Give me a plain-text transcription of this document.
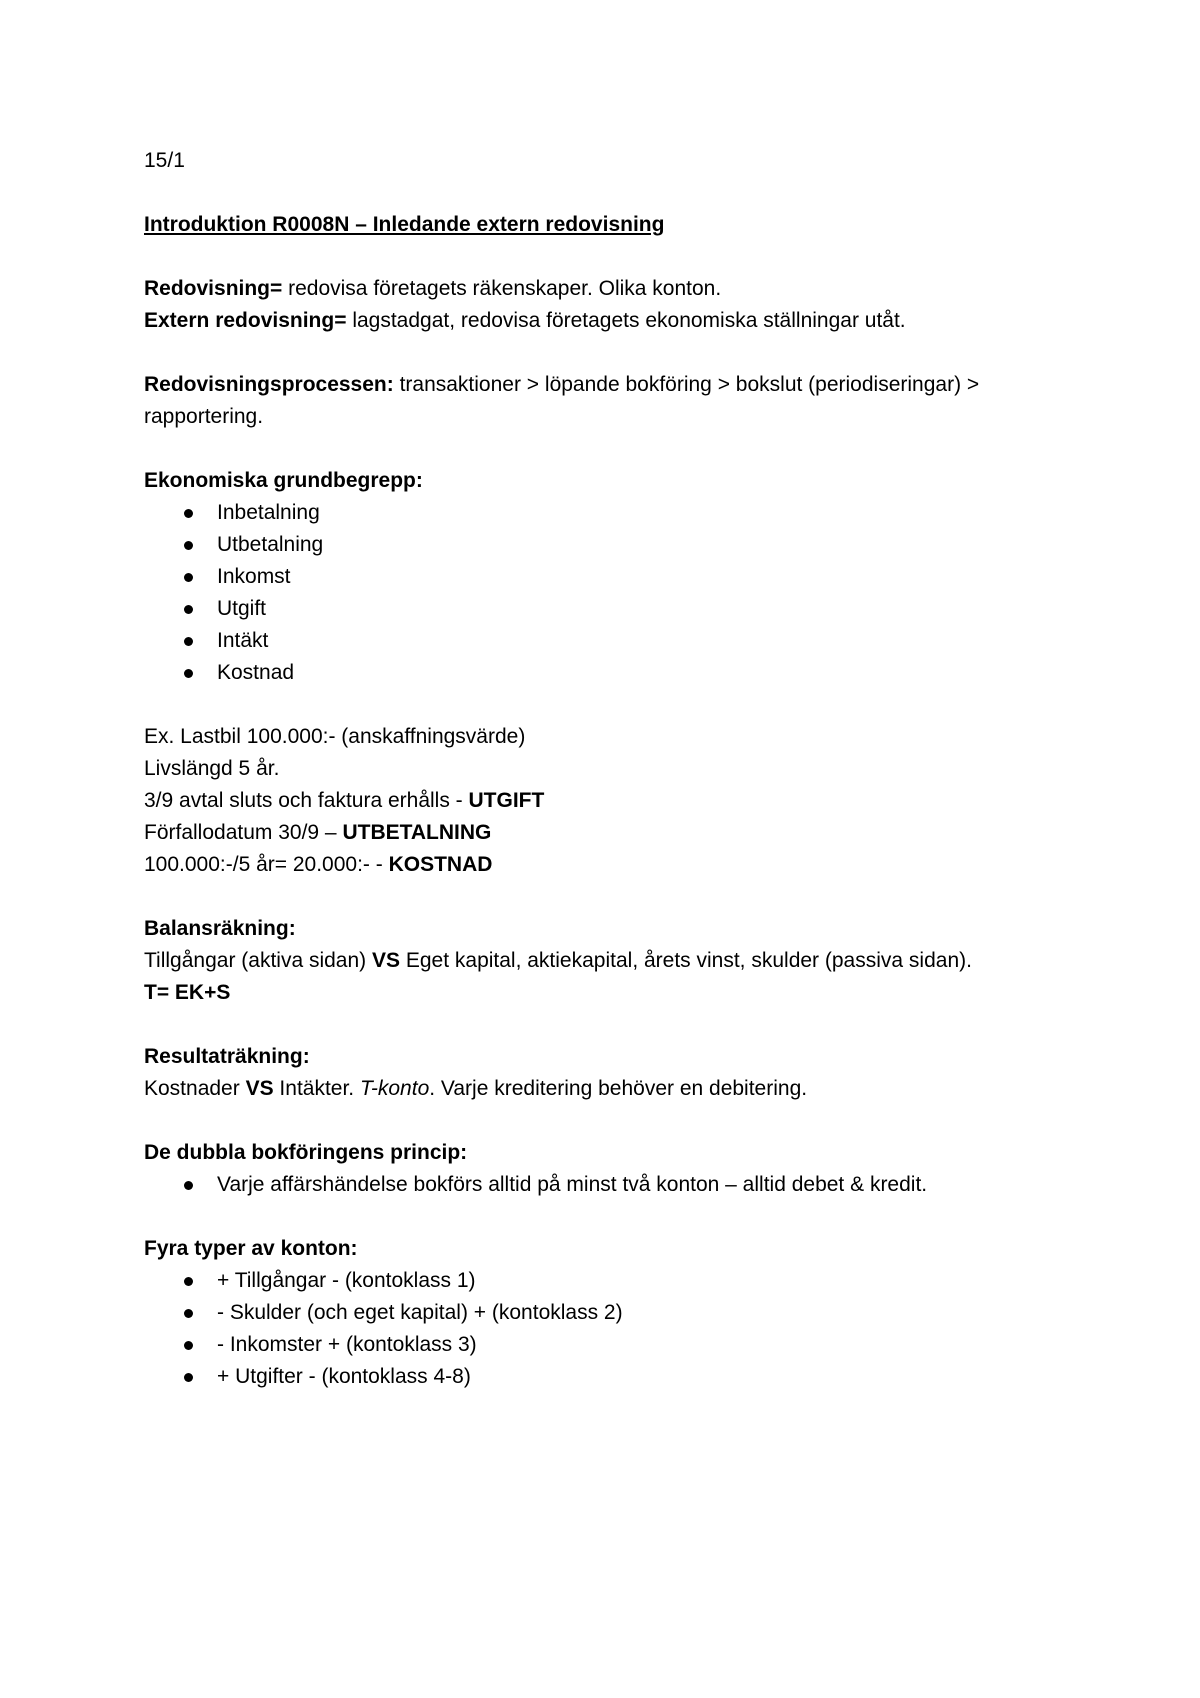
15/1

Introduktion R0008N – Inledande extern redovisning

Redovisning= redovisa företagets räkenskaper. Olika konton.

Extern redovisning= lagstadgat, redovisa företagets ekonomiska ställningar utåt.

Redovisningsprocessen: transaktioner > löpande bokföring > bokslut (periodiseringar) >

rapportering.

Ekonomiska grundbegrepp:

Inbetalning
Utbetalning
Inkomst
Utgift
Intäkt
Kostnad

Ex. Lastbil 100.000:- (anskaffningsvärde)

Livslängd 5 år.

3/9 avtal sluts och faktura erhålls - UTGIFT

Förfallodatum 30/9 – UTBETALNING

100.000:-/5 år= 20.000:- - KOSTNAD

Balansräkning:

Tillgångar (aktiva sidan) VS Eget kapital, aktiekapital, årets vinst, skulder (passiva sidan).

T= EK+S

Resultaträkning:

Kostnader VS Intäkter. T-konto. Varje kreditering behöver en debitering.

De dubbla bokföringens princip:

Varje affärshändelse bokförs alltid på minst två konton – alltid debet & kredit.

Fyra typer av konton:

+ Tillgångar - (kontoklass 1)
- Skulder (och eget kapital) + (kontoklass 2)
- Inkomster + (kontoklass 3)
+ Utgifter - (kontoklass 4-8)
